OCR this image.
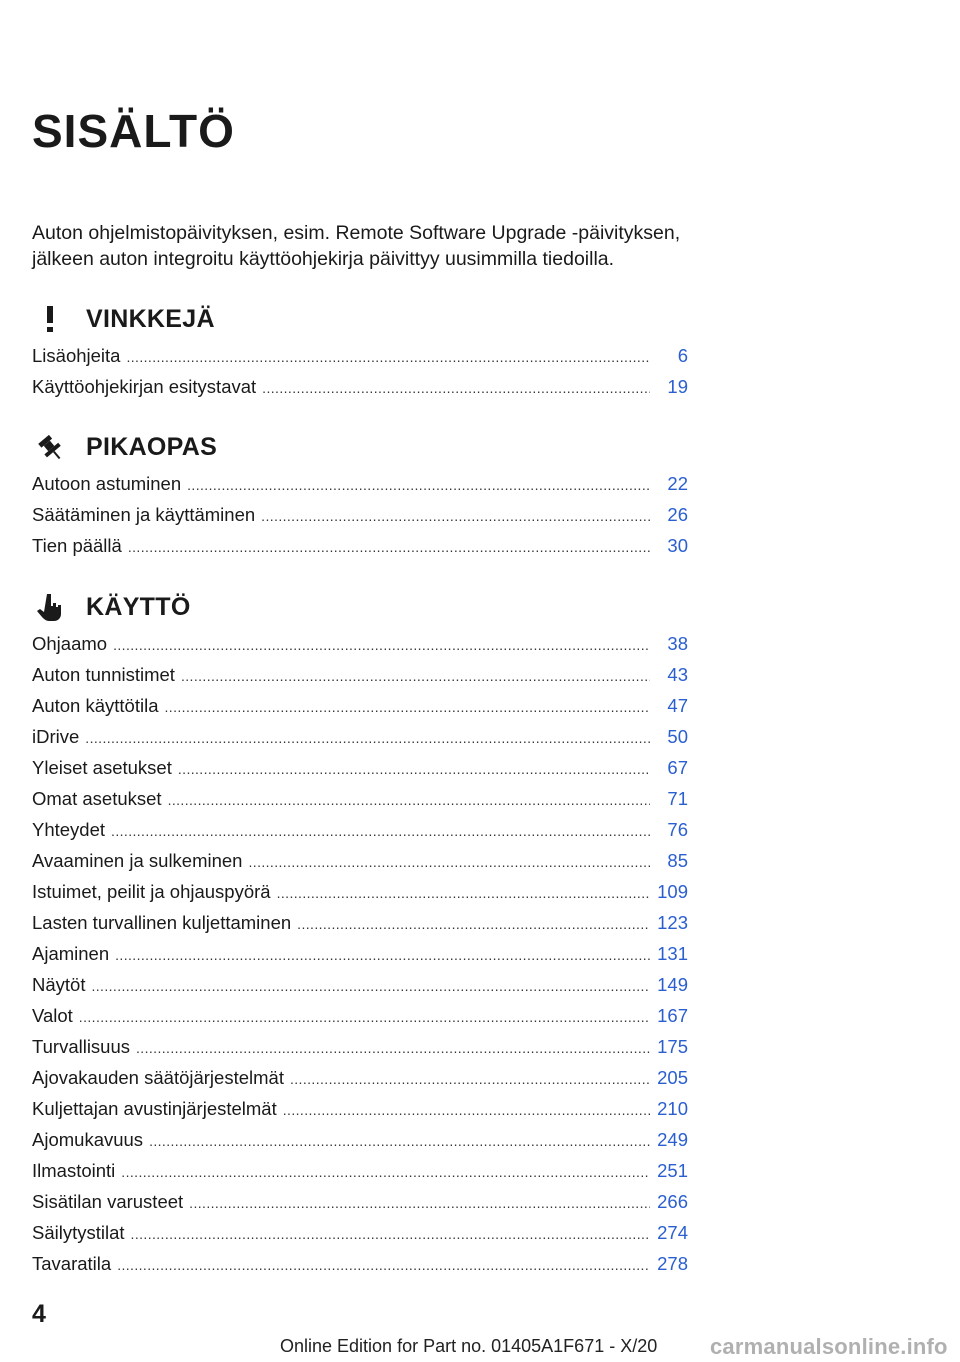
SISÄLTÖ

Auton ohjelmistopäivityksen, esim. Remote Software Upgrade -päivityksen, jälkeen auton integroitu käyttöohjekirja päivittyy uusimmilla tiedoilla.

VINKKEJÄ
Lisäohjeita .....	6
Käyttöohjekirjan esitystavat .....	19
PIKAOPAS
Autoon astuminen .....	22
Säätäminen ja käyttäminen .....	26
Tien päällä .....	30
KÄYTTÖ
Ohjaamo .....	38
Auton tunnistimet .....	43
Auton käyttötila .....	47
iDrive .....	50
Yleiset asetukset .....	67
Omat asetukset .....	71
Yhteydet .....	76
Avaaminen ja sulkeminen .....	85
Istuimet, peilit ja ohjauspyörä .....	109
Lasten turvallinen kuljettaminen .....	123
Ajaminen .....	131
Näytöt .....	149
Valot .....	167
Turvallisuus .....	175
Ajovakauden säätöjärjestelmät .....	205
Kuljettajan avustinjärjestelmät .....	210
Ajomukavuus .....	249
Ilmastointi .....	251
Sisätilan varusteet .....	266
Säilytystilat .....	274
Tavaratila .....	278
4
Online Edition for Part no. 01405A1F671 - X/20 carmanualsonline.info
